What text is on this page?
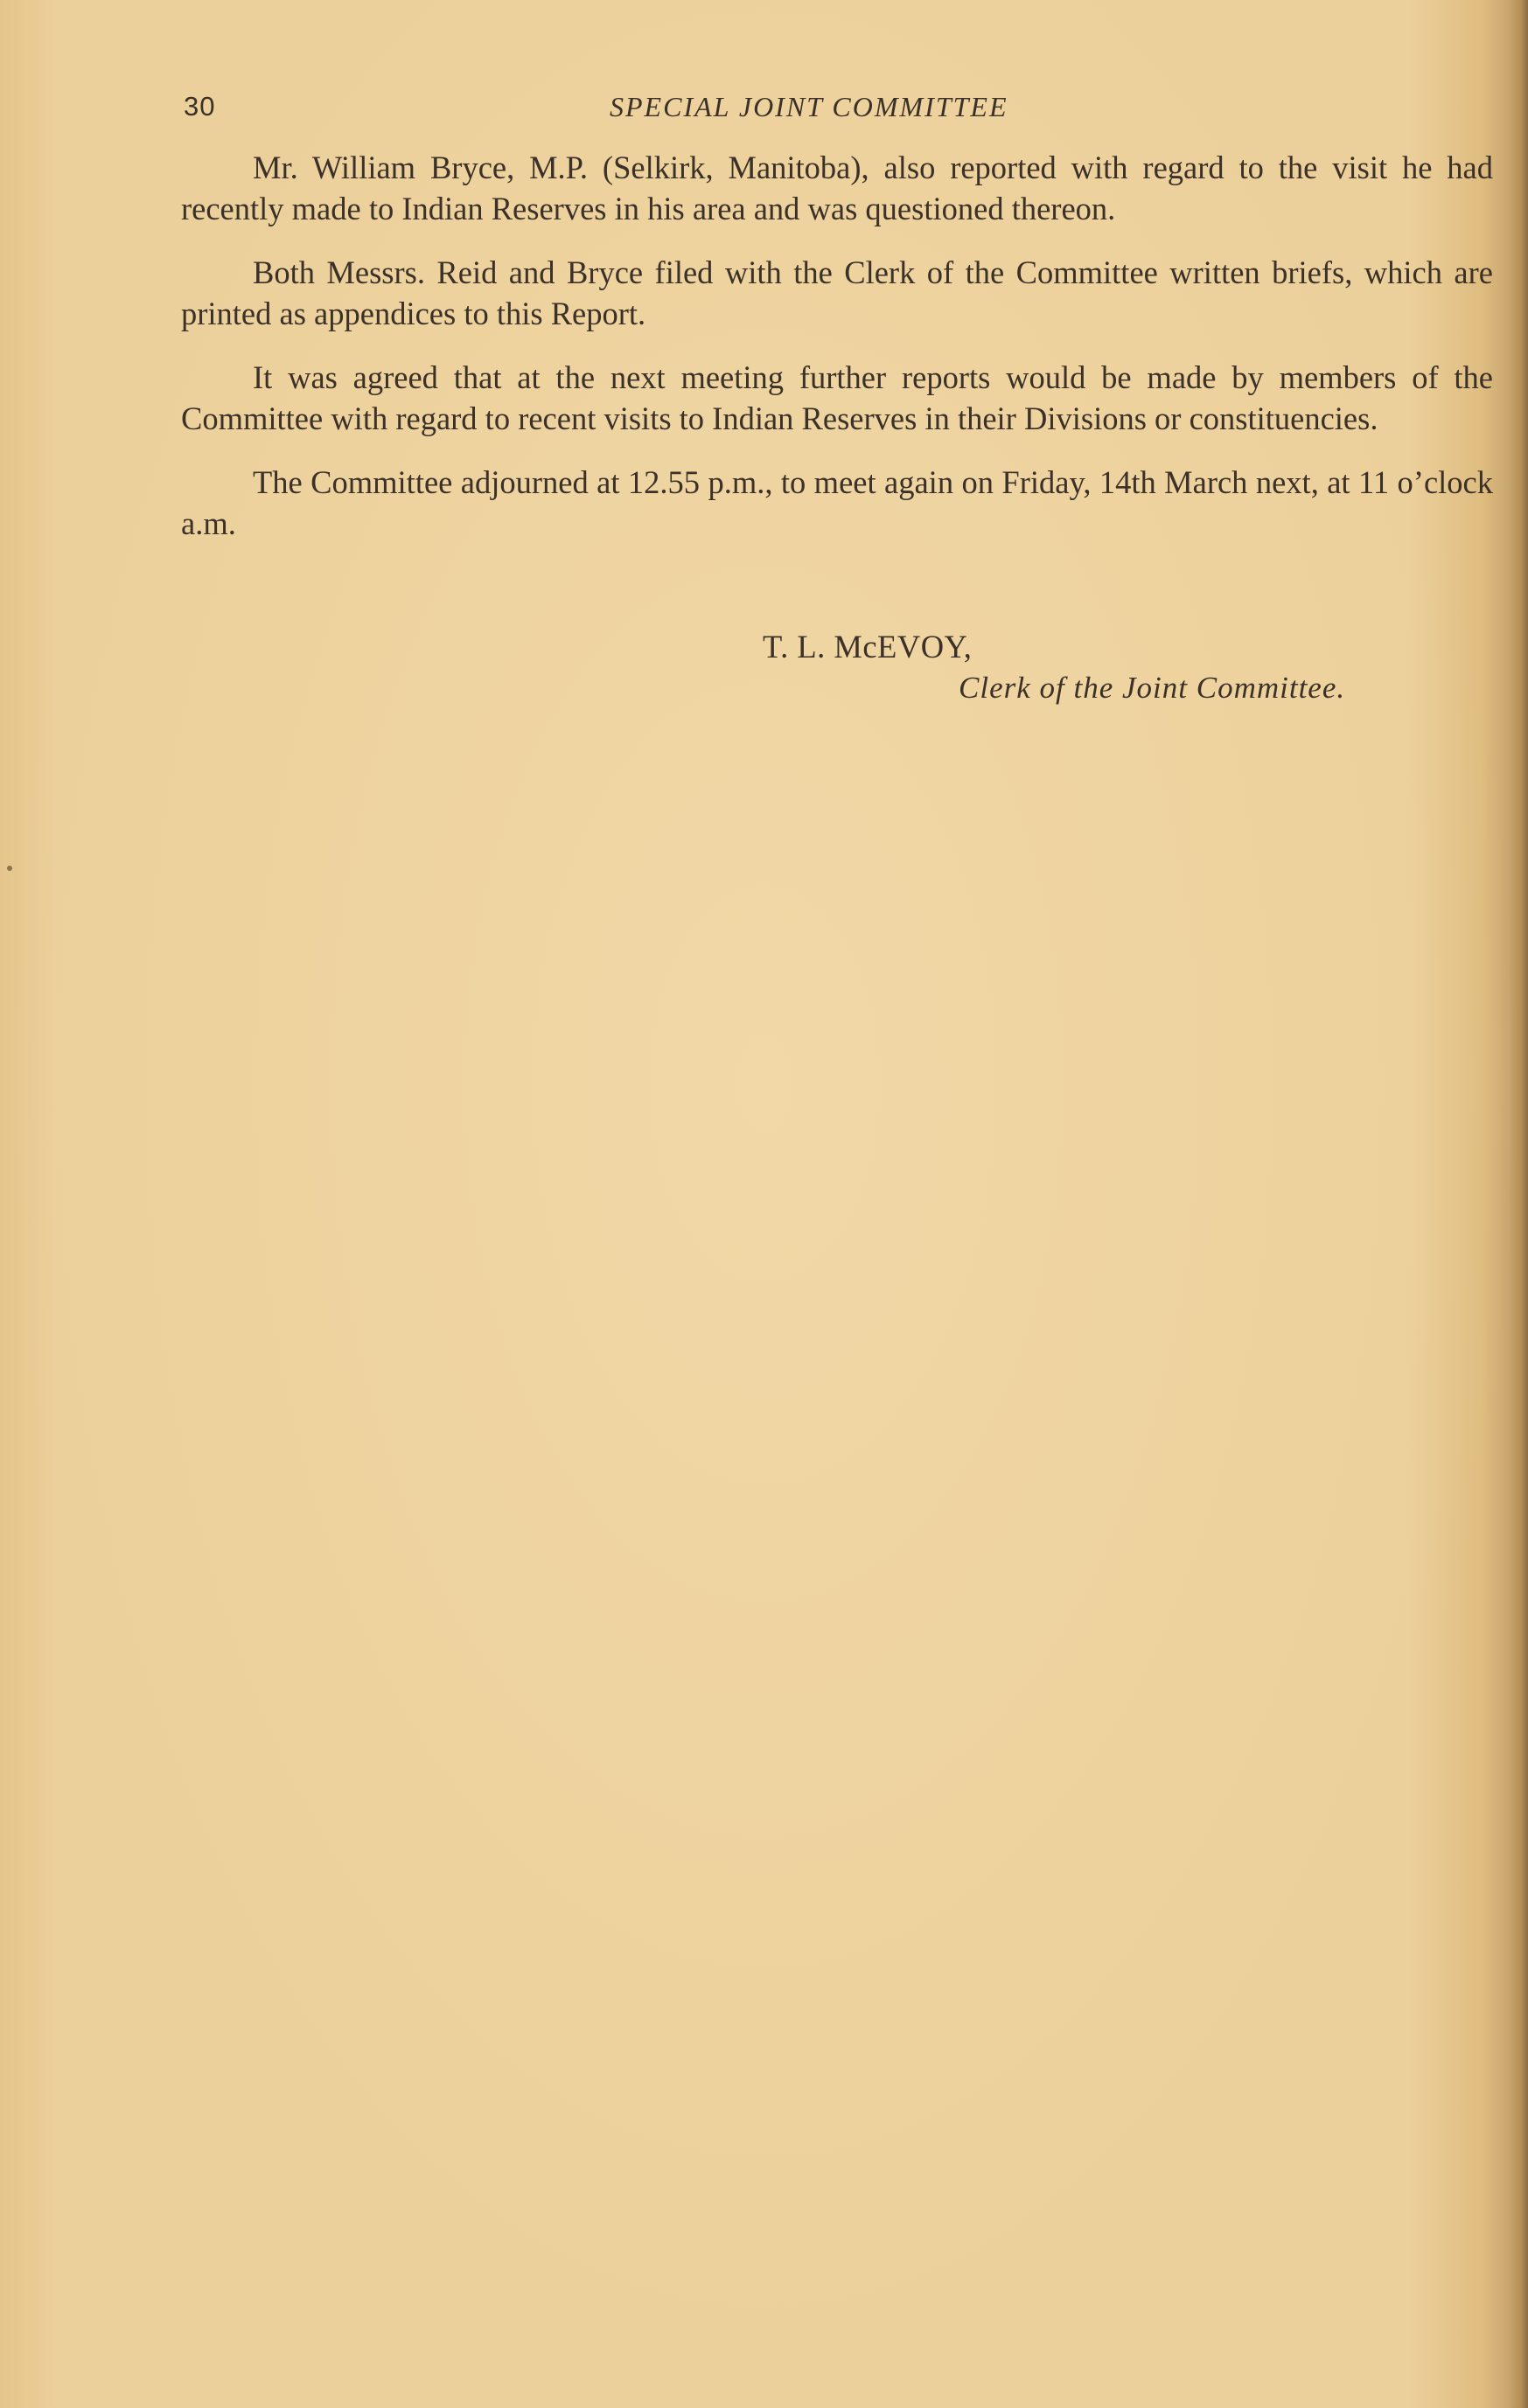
30	SPECIAL JOINT COMMITTEE

Mr. William Bryce, M.P. (Selkirk, Manitoba), also reported with regard to the visit he had recently made to Indian Reserves in his area and was questioned thereon.

Both Messrs. Reid and Bryce filed with the Clerk of the Committee written briefs, which are printed as appendices to this Report.

It was agreed that at the next meeting further reports would be made by members of the Committee with regard to recent visits to Indian Reserves in their Divisions or constituencies.

The Committee adjourned at 12.55 p.m., to meet again on Friday, 14th March next, at 11 o’clock a.m.

T. L. McEVOY,
Clerk of the Joint Committee.
